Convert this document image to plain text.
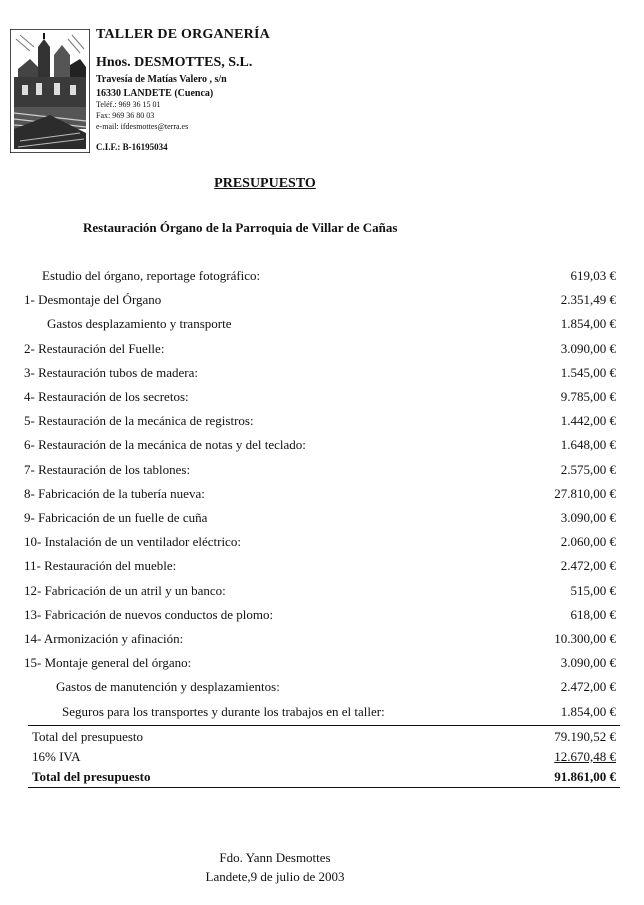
TALLER DE ORGANERÍA
Hnos. DESMOTTES, S.L.
Travesía de Matías Valero , s/n
16330 LANDETE (Cuenca)
Teléf.: 969 36 15 01
Fax: 969 36 80 03
e-mail: ifdesmottes@terra.es
C.I.F.: B-16195034
PRESUPUESTO
Restauración Órgano de la Parroquia de Villar de Cañas
Estudio del órgano, reportage fotográfico:	619,03 €
1- Desmontaje del Órgano	2.351,49 €
Gastos desplazamiento y transporte	1.854,00 €
2- Restauración del Fuelle:	3.090,00 €
3- Restauración tubos de madera:	1.545,00 €
4- Restauración de los secretos:	9.785,00 €
5- Restauración de la mecánica de registros:	1.442,00 €
6- Restauración de la mecánica de notas y del teclado:	1.648,00 €
7- Restauración de los tablones:	2.575,00 €
8- Fabricación de la tubería nueva:	27.810,00 €
9- Fabricación de un fuelle de cuña	3.090,00 €
10- Instalación de un ventilador eléctrico:	2.060,00 €
11- Restauración del mueble:	2.472,00 €
12- Fabricación de un atril y un banco:	515,00 €
13- Fabricación de nuevos conductos de plomo:	618,00 €
14- Armonización y afinación:	10.300,00 €
15- Montaje general del órgano:	3.090,00 €
Gastos de manutención y desplazamientos:	2.472,00 €
Seguros para los transportes y durante los trabajos en el taller:	1.854,00 €
Total del presupuesto	79.190,52 €
16% IVA	12.670,48 €
Total del presupuesto	91.861,00 €
Fdo. Yann Desmottes
Landete,9 de julio de 2003
